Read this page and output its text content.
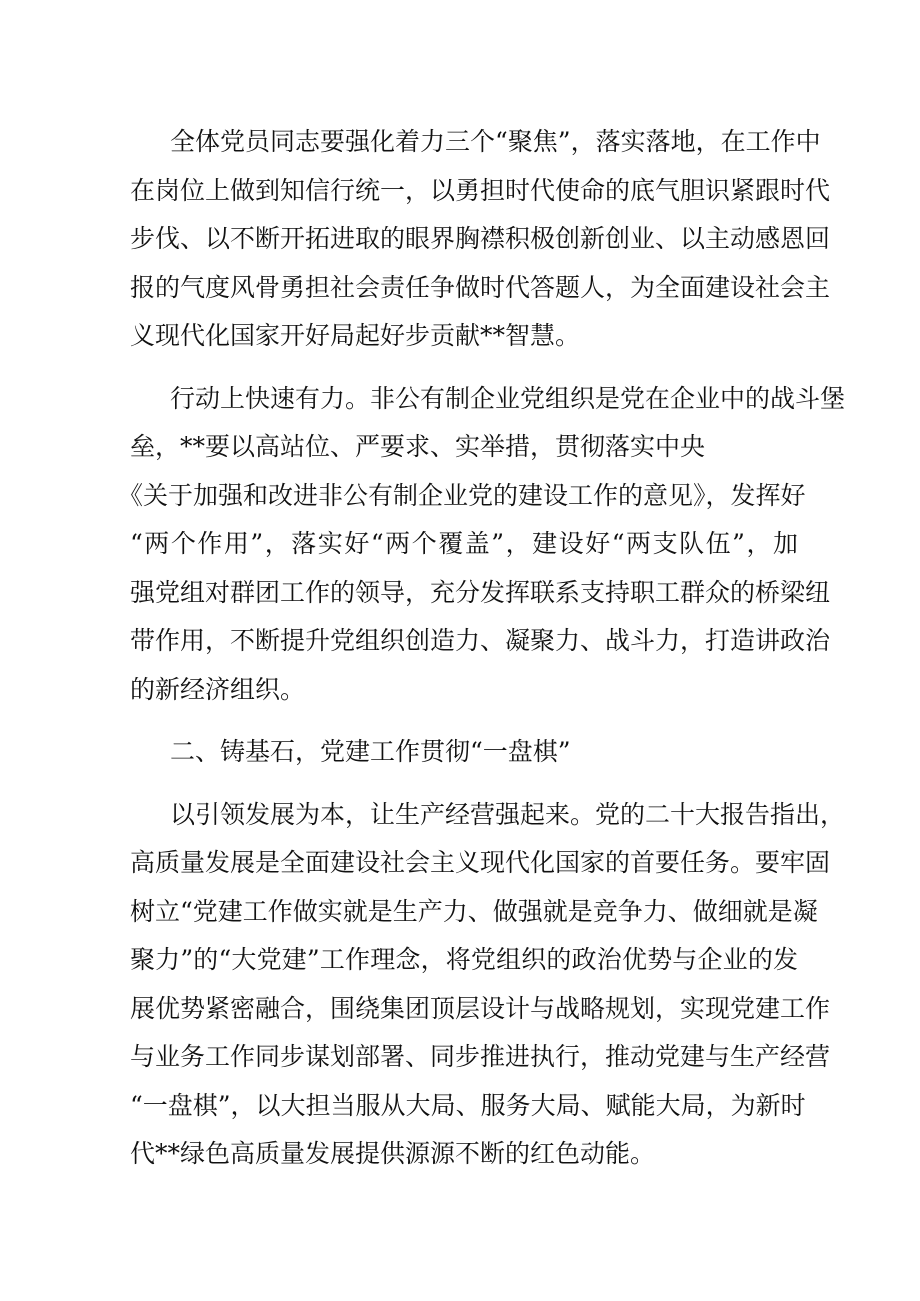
全体党员同志要强化着力三个“聚焦”，落实落地，在工作中
在岗位上做到知信行统一，以勇担时代使命的底气胆识紧跟时代
步伐、以不断开拓进取的眼界胸襟积极创新创业、以主动感恩回
报的气度风骨勇担社会责任争做时代答题人，为全面建设社会主
义现代化国家开好局起好步贡献**智慧。
行动上快速有力。非公有制企业党组织是党在企业中的战斗堡
垒，**要以高站位、严要求、实举措，贯彻落实中央
《关于加强和改进非公有制企业党的建设工作的意见》，发挥好
“两个作用”，落实好“两个覆盖”，建设好“两支队伍”，加
强党组对群团工作的领导，充分发挥联系支持职工群众的桥梁纽
带作用，不断提升党组织创造力、凝聚力、战斗力，打造讲政治
的新经济组织。
二、铸基石，党建工作贯彻“一盘棋”
以引领发展为本，让生产经营强起来。党的二十大报告指出，
高质量发展是全面建设社会主义现代化国家的首要任务。要牢固
树立“党建工作做实就是生产力、做强就是竞争力、做细就是凝
聚力”的“大党建”工作理念，将党组织的政治优势与企业的发
展优势紧密融合，围绕集团顶层设计与战略规划，实现党建工作
与业务工作同步谋划部署、同步推进执行，推动党建与生产经营
“一盘棋”，以大担当服从大局、服务大局、赋能大局，为新时
代**绿色高质量发展提供源源不断的红色动能。
